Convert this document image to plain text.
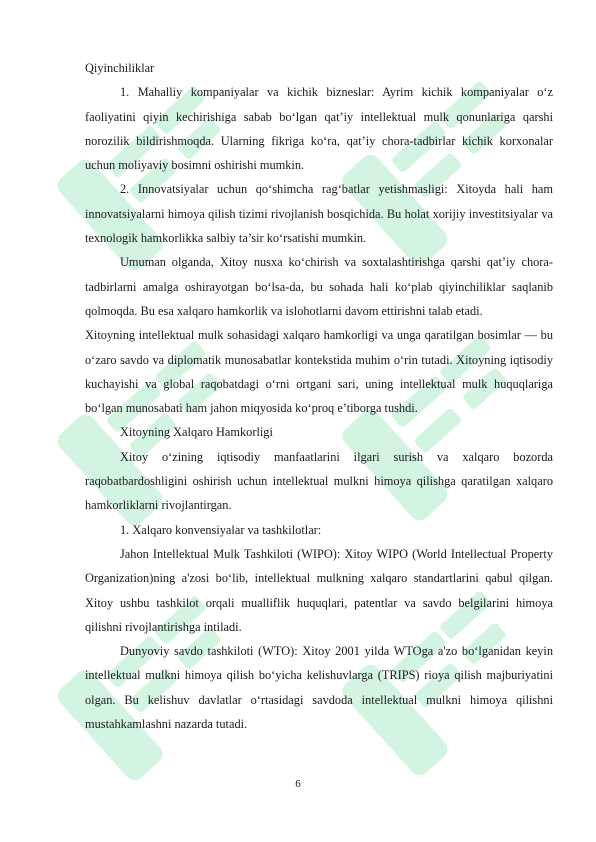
Qiyinchiliklar

1. Mahalliy kompaniyalar va kichik bizneslar: Ayrim kichik kompaniyalar o‘z faoliyatini qiyin kechirishiga sabab bo‘lgan qat’iy intellektual mulk qonunlariga qarshi norozilik bildirishmoqda. Ularning fikriga ko‘ra, qat’iy chora-tadbirlar kichik korxonalar uchun moliyaviy bosimni oshirishi mumkin.

2. Innovatsiyalar uchun qo‘shimcha rag‘batlar yetishmasligi: Xitoyda hali ham innovatsiyalarni himoya qilish tizimi rivojlanish bosqichida. Bu holat xorijiy investitsiyalar va texnologik hamkorlikka salbiy ta’sir ko‘rsatishi mumkin.

Umuman olganda, Xitoy nusxa ko‘chirish va soxtalashtirishga qarshi qat’iy chora-tadbirlarni amalga oshirayotgan bo‘lsa-da, bu sohada hali ko‘plab qiyinchiliklar saqlanib qolmoqda. Bu esa xalqaro hamkorlik va islohotlarni davom ettirishni talab etadi.

Xitoyning intellektual mulk sohasidagi xalqaro hamkorligi va unga qaratilgan bosimlar — bu o‘zaro savdo va diplomatik munosabatlar kontekstida muhim o‘rin tutadi. Xitoyning iqtisodiy kuchayishi va global raqobatdagi o‘rni ortgani sari, uning intellektual mulk huquqlariga bo‘lgan munosabati ham jahon miqyosida ko‘proq e’tiborga tushdi.

Xitoyning Xalqaro Hamkorligi

Xitoy o‘zining iqtisodiy manfaatlarini ilgari surish va xalqaro bozorda raqobatbardoshligini oshirish uchun intellektual mulkni himoya qilishga qaratilgan xalqaro hamkorliklarni rivojlantirgan.

1. Xalqaro konvensiyalar va tashkilotlar:

Jahon Intellektual Mulk Tashkiloti (WIPO): Xitoy WIPO (World Intellectual Property Organization)ning a'zosi bo‘lib, intellektual mulkning xalqaro standartlarini qabul qilgan. Xitoy ushbu tashkilot orqali mualliflik huquqlari, patentlar va savdo belgilarini himoya qilishni rivojlantirishga intiladi.

Dunyoviy savdo tashkiloti (WTO): Xitoy 2001 yilda WTOga a'zo bo‘lganidan keyin intellektual mulkni himoya qilish bo‘yicha kelishuvlarga (TRIPS) rioya qilish majburiyatini olgan. Bu kelishuv davlatlar o‘rtasidagi savdoda intellektual mulkni himoya qilishni mustahkamlashni nazarda tutadi.

6
